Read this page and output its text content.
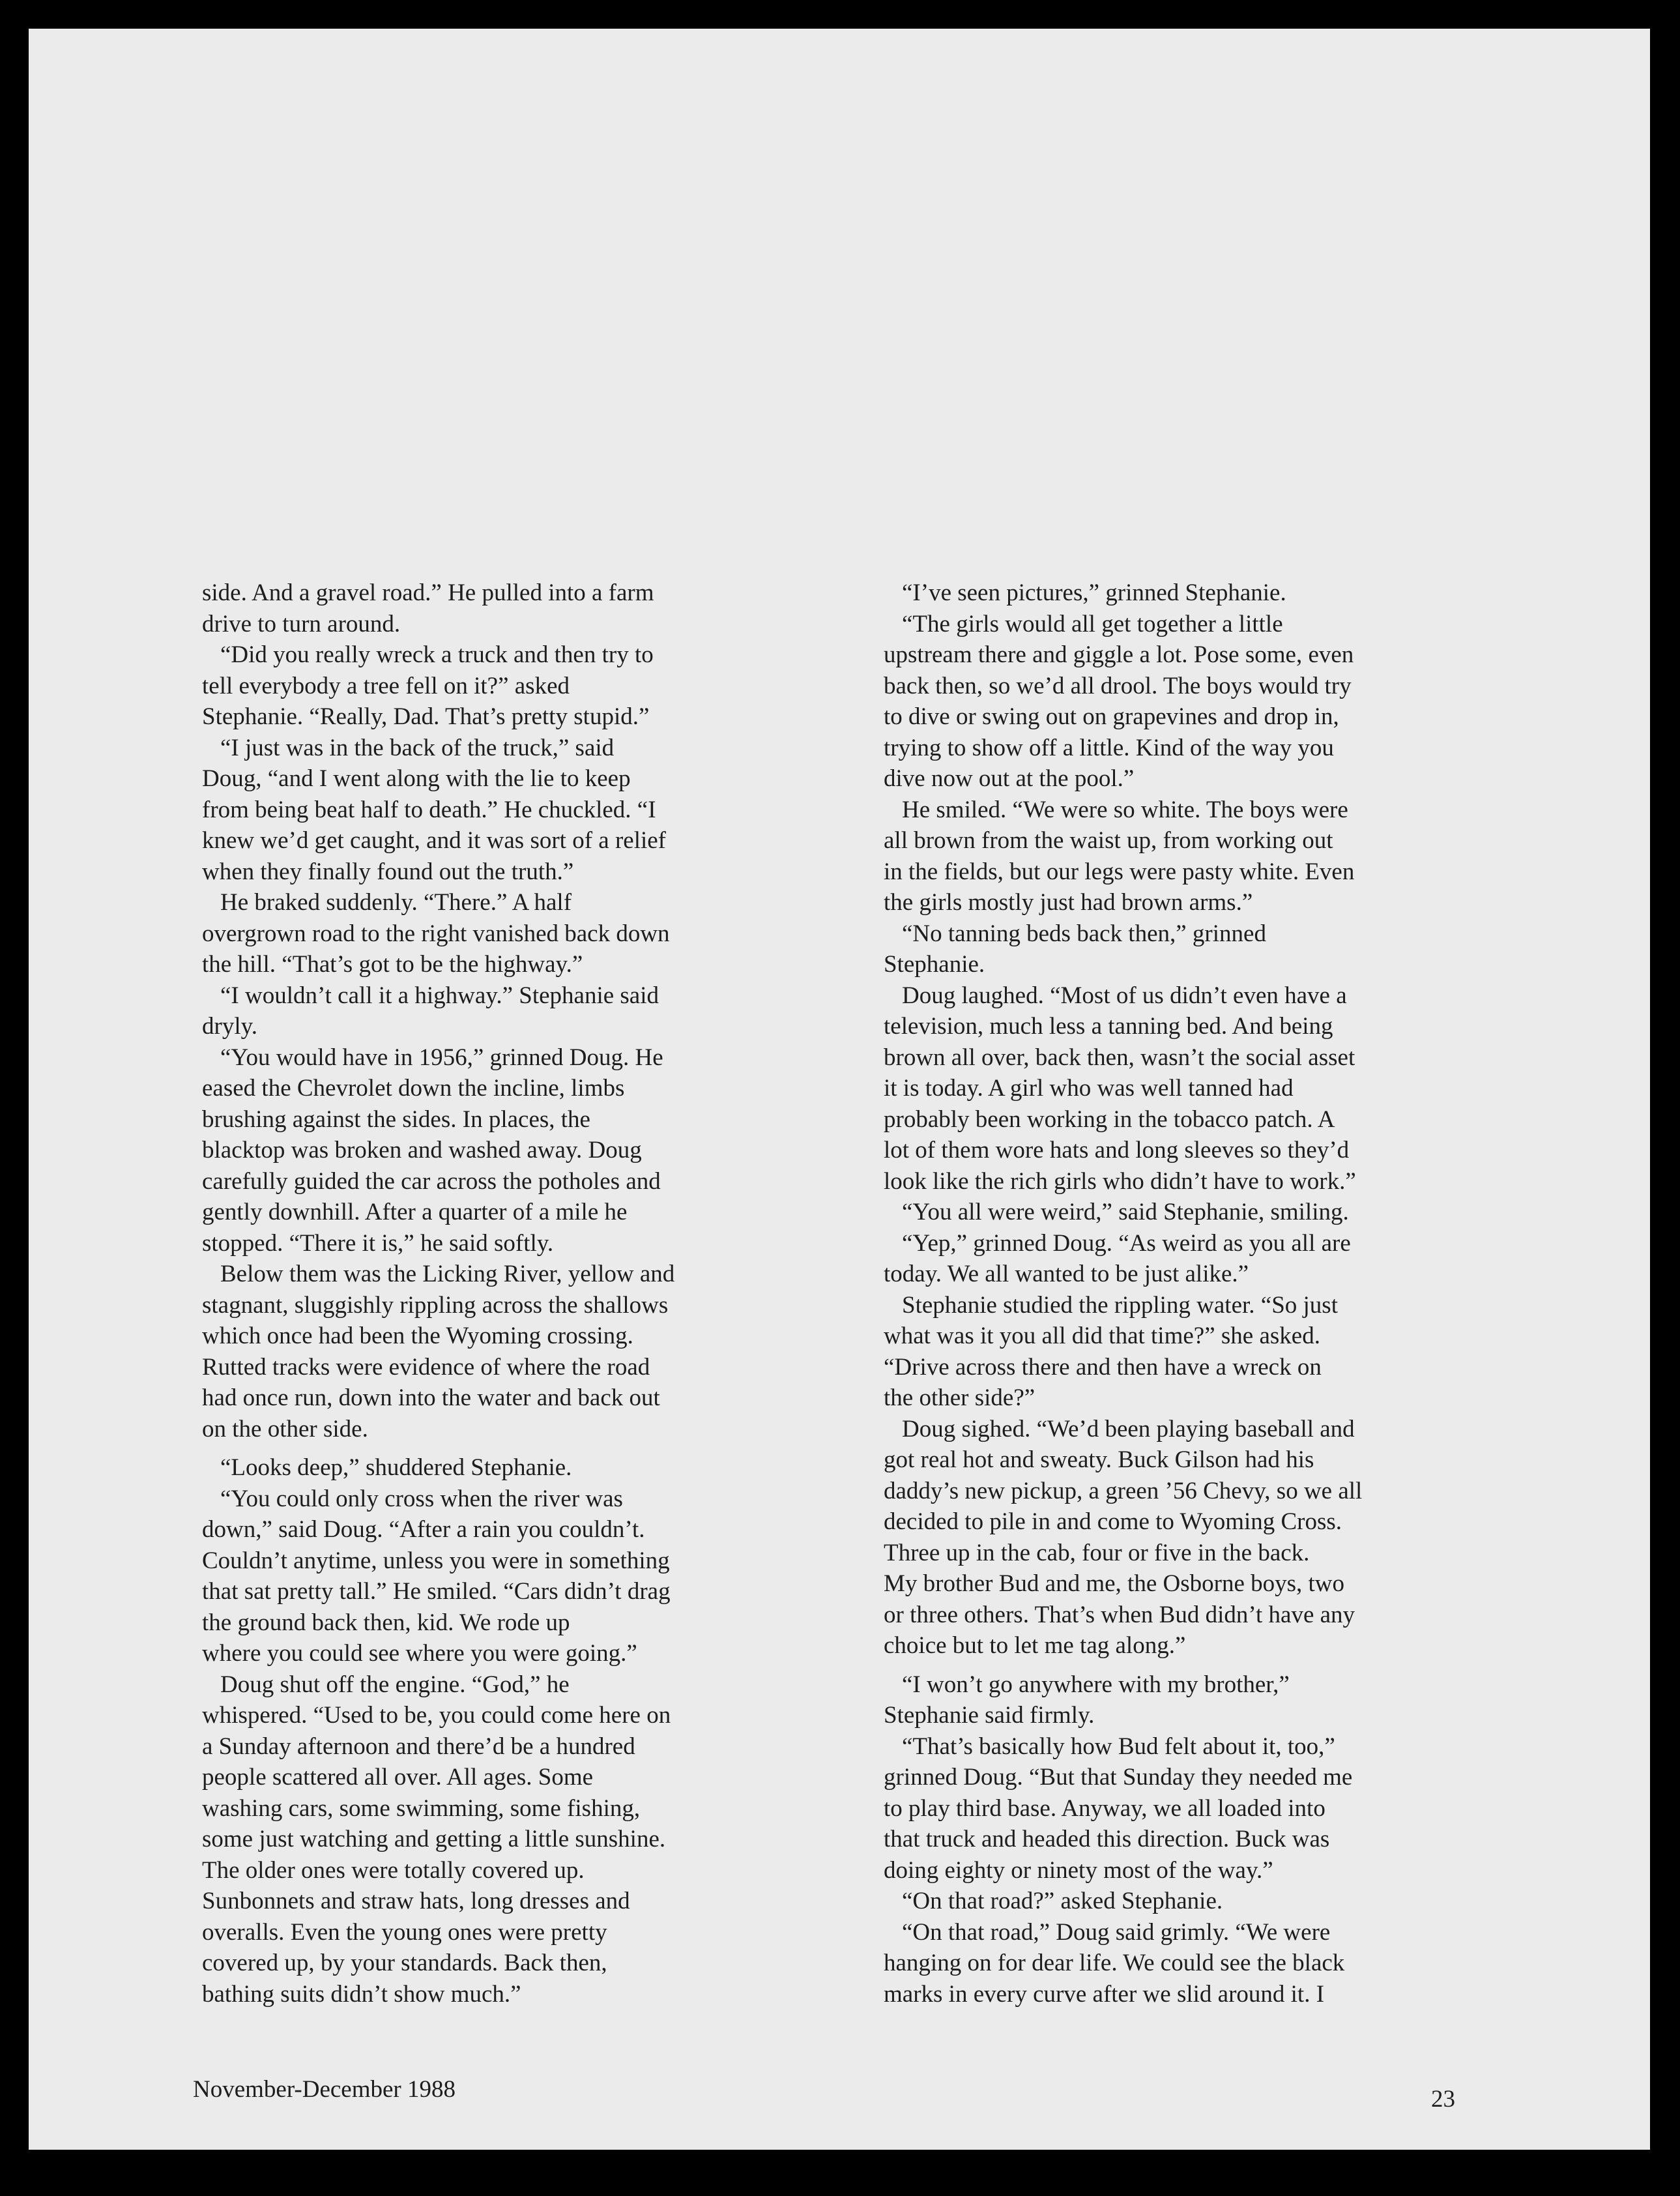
side. And a gravel road.” He pulled into a farm
drive to turn around.

“Did you really wreck a truck and then try to
tell everybody a tree fell on it?” asked
Stephanie. “Really, Dad. That’s pretty stupid.”

“I just was in the back of the truck,” said
Doug, “and I went along with the lie to keep
from being beat half to death.” He chuckled. “I
knew we’d get caught, and it was sort of a relief
when they finally found out the truth.”

He braked suddenly. “There.” A half
overgrown road to the right vanished back down
the hill. “That’s got to be the highway.”

“I wouldn’t call it a highway.” Stephanie said
dryly.

“You would have in 1956,” grinned Doug. He
eased the Chevrolet down the incline, limbs
brushing against the sides. In places, the
blacktop was broken and washed away. Doug
carefully guided the car across the potholes and
gently downhill. After a quarter of a mile he
stopped. “There it is,” he said softly.

Below them was the Licking River, yellow and
stagnant, sluggishly rippling across the shallows
which once had been the Wyoming crossing.
Rutted tracks were evidence of where the road
had once run, down into the water and back out
on the other side.

“Looks deep,” shuddered Stephanie.

“You could only cross when the river was
down,” said Doug. “After a rain you couldn’t.
Couldn’t anytime, unless you were in something
that sat pretty tall.” He smiled. “Cars didn’t drag
the ground back then, kid. We rode up
where you could see where you were going.”

Doug shut off the engine. “God,” he
whispered. “Used to be, you could come here on
a Sunday afternoon and there’d be a hundred
people scattered all over. All ages. Some
washing cars, some swimming, some fishing,
some just watching and getting a little sunshine.
The older ones were totally covered up.
Sunbonnets and straw hats, long dresses and
overalls. Even the young ones were pretty
covered up, by your standards. Back then,
bathing suits didn’t show much.”

“I’ve seen pictures,” grinned Stephanie.

“The girls would all get together a little
upstream there and giggle a lot. Pose some, even
back then, so we’d all drool. The boys would try
to dive or swing out on grapevines and drop in,
trying to show off a little. Kind of the way you
dive now out at the pool.”

He smiled. “We were so white. The boys were
all brown from the waist up, from working out
in the fields, but our legs were pasty white. Even
the girls mostly just had brown arms.”

“No tanning beds back then,” grinned
Stephanie.

Doug laughed. “Most of us didn’t even have a
television, much less a tanning bed. And being
brown all over, back then, wasn’t the social asset
it is today. A girl who was well tanned had
probably been working in the tobacco patch. A
lot of them wore hats and long sleeves so they’d
look like the rich girls who didn’t have to work.”

“You all were weird,” said Stephanie, smiling.

“Yep,” grinned Doug. “As weird as you all are
today. We all wanted to be just alike.”

Stephanie studied the rippling water. “So just
what was it you all did that time?” she asked.
“Drive across there and then have a wreck on
the other side?”

Doug sighed. “We’d been playing baseball and
got real hot and sweaty. Buck Gilson had his
daddy’s new pickup, a green ’56 Chevy, so we all
decided to pile in and come to Wyoming Cross.
Three up in the cab, four or five in the back.
My brother Bud and me, the Osborne boys, two
or three others. That’s when Bud didn’t have any
choice but to let me tag along.”

“I won’t go anywhere with my brother,”
Stephanie said firmly.

“That’s basically how Bud felt about it, too,”
grinned Doug. “But that Sunday they needed me
to play third base. Anyway, we all loaded into
that truck and headed this direction. Buck was
doing eighty or ninety most of the way.”

“On that road?” asked Stephanie.

“On that road,” Doug said grimly. “We were
hanging on for dear life. We could see the black
marks in every curve after we slid around it. I

November-December 1988	23
